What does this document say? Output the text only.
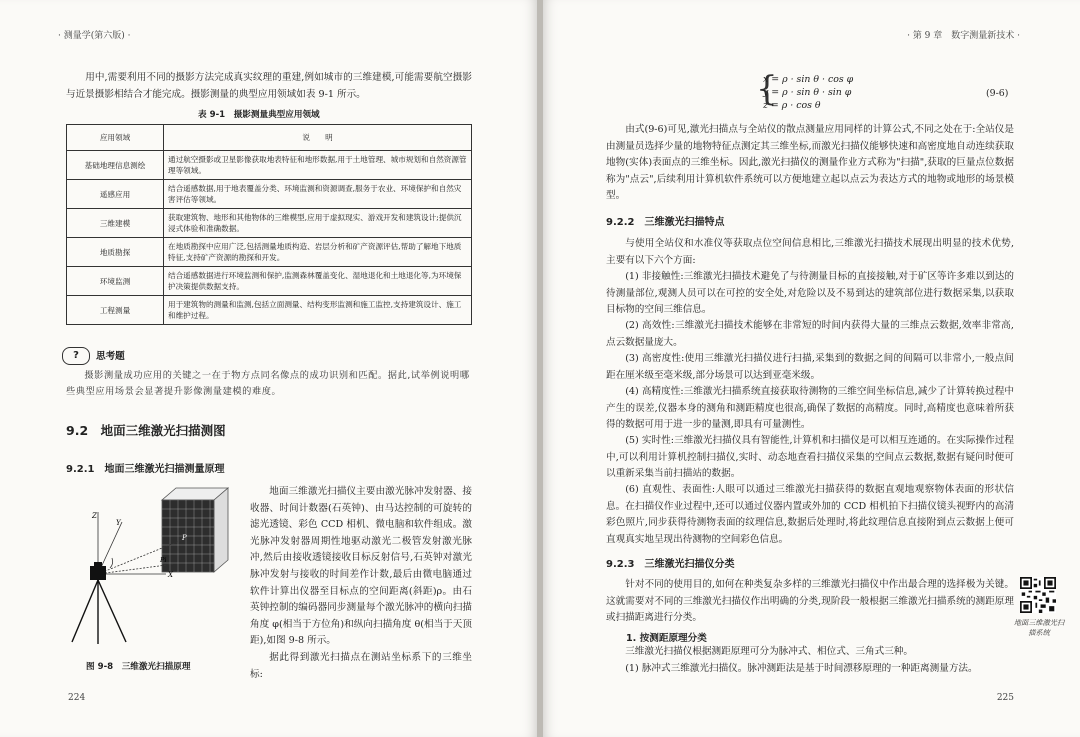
· 测量学(第六版) ·

用中,需要利用不同的摄影方法完成真实纹理的重建,例如城市的三维建模,可能需要航空摄影与近景摄影相结合才能完成。摄影测量的典型应用领域如表 9-1 所示。

表 9-1　摄影测量典型应用领域
应用领域	说　　明
基础地理信息测绘	通过航空摄影或卫星影像获取地表特征和地形数据,用于土地管理、城市规划和自然资源管理等领域。
遥感应用	结合遥感数据,用于地表覆盖分类、环境监测和资源调查,服务于农业、环境保护和自然灾害评估等领域。
三维建模	获取建筑物、地形和其他物体的三维模型,应用于虚拟现实、游戏开发和建筑设计;提供沉浸式体验和准确数据。
地质勘探	在地质勘探中应用广泛,包括测量地质构造、岩层分析和矿产资源评估,帮助了解地下地质特征,支持矿产资源的勘探和开发。
环境监测	结合遥感数据进行环境监测和保护,监测森林覆盖变化、湿地退化和土地退化等,为环境保护决策提供数据支持。
工程测量	用于建筑物的测量和监测,包括立面测量、结构变形监测和施工监控,支持建筑设计、施工和维护过程。
? 思考题

摄影测量成功应用的关键之一在于物方点同名像点的成功识别和匹配。据此,试举例说明哪些典型应用场景会显著提升影像测量建模的难度。

9.2　地面三维激光扫描测图
9.2.1　地面三维激光扫描测量原理
Z
Y
X
P
Pi
图 9-8　三维激光扫描原理

地面三维激光扫描仪主要由激光脉冲发射器、接收器、时间计数器(石英钟)、由马达控制的可旋转的滤光透镜、彩色 CCD 相机、微电脑和软件组成。激光脉冲发射器周期性地驱动激光二极管发射激光脉冲,然后由接收透镜接收目标反射信号,石英钟对激光脉冲发射与接收的时间差作计数,最后由微电脑通过软件计算出仪器至目标点的空间距离(斜距)ρ。由石英钟控制的编码器同步测量每个激光脉冲的横向扫描角度 φ(相当于方位角)和纵向扫描角度 θ(相当于天顶距),如图 9-8 所示。

据此得到激光扫描点在测站坐标系下的三维坐标:

224
· 第 9 章　数字测量新技术 ·
225
{
x = ρ · sin θ · cos φ
y = ρ · sin θ · sin φ
z = ρ · cos θ
(9-6)

由式(9-6)可见,激光扫描点与全站仪的散点测量应用同样的计算公式,不同之处在于:全站仪是由测量员选择少量的地物特征点测定其三维坐标,而激光扫描仪能够快速和高密度地自动连续获取地物(实体)表面点的三维坐标。因此,激光扫描仪的测量作业方式称为"扫描",获取的巨量点位数据称为"点云",后续利用计算机软件系统可以方便地建立起以点云为表达方式的地物或地形的场景模型。

9.2.2　三维激光扫描特点

与使用全站仪和水准仪等获取点位空间信息相比,三维激光扫描技术展现出明显的技术优势,主要有以下六个方面:

(1) 非接触性:三维激光扫描技术避免了与待测量目标的直接接触,对于矿区等许多难以到达的待测量部位,观测人员可以在可控的安全处,对危险以及不易到达的建筑部位进行数据采集,以获取目标物的空间三维信息。

(2) 高效性:三维激光扫描技术能够在非常短的时间内获得大量的三维点云数据,效率非常高,点云数据量庞大。

(3) 高密度性:使用三维激光扫描仪进行扫描,采集到的数据之间的间隔可以非常小,一般点间距在厘米级至毫米级,部分场景可以达到亚毫米级。

(4) 高精度性:三维激光扫描系统直接获取待测物的三维空间坐标信息,减少了计算转换过程中产生的误差,仪器本身的测角和测距精度也很高,确保了数据的高精度。同时,高精度也意味着所获得的数据可用于进一步的量测,即具有可量测性。

(5) 实时性:三维激光扫描仪具有智能性,计算机和扫描仪是可以相互连通的。在实际操作过程中,可以利用计算机控制扫描仪,实时、动态地查看扫描仪采集的空间点云数据,数据有疑问时便可以重新采集当前扫描站的数据。

(6) 直观性、表面性:人眼可以通过三维激光扫描获得的数据直观地观察物体表面的形状信息。在扫描仪作业过程中,还可以通过仪器内置或外加的 CCD 相机拍下扫描仪镜头视野内的高清彩色照片,同步获得待测物表面的纹理信息,数据后处理时,将此纹理信息直接附到点云数据上便可直观真实地呈现出待测物的空间彩色信息。

9.2.3　三维激光扫描仪分类

针对不同的使用目的,如何在种类复杂多样的三维激光扫描仪中作出最合理的选择极为关键。这就需要对不同的三维激光扫描仪作出明确的分类,现阶段一般根据三维激光扫描系统的测距原理或扫描距离进行分类。

1. 按测距原理分类

三维激光扫描仪根据测距原理可分为脉冲式、相位式、三角式三种。

(1) 脉冲式三维激光扫描仪。脉冲测距法是基于时间漂移原理的一种距离测量方法。

地面三维激光扫描系统
